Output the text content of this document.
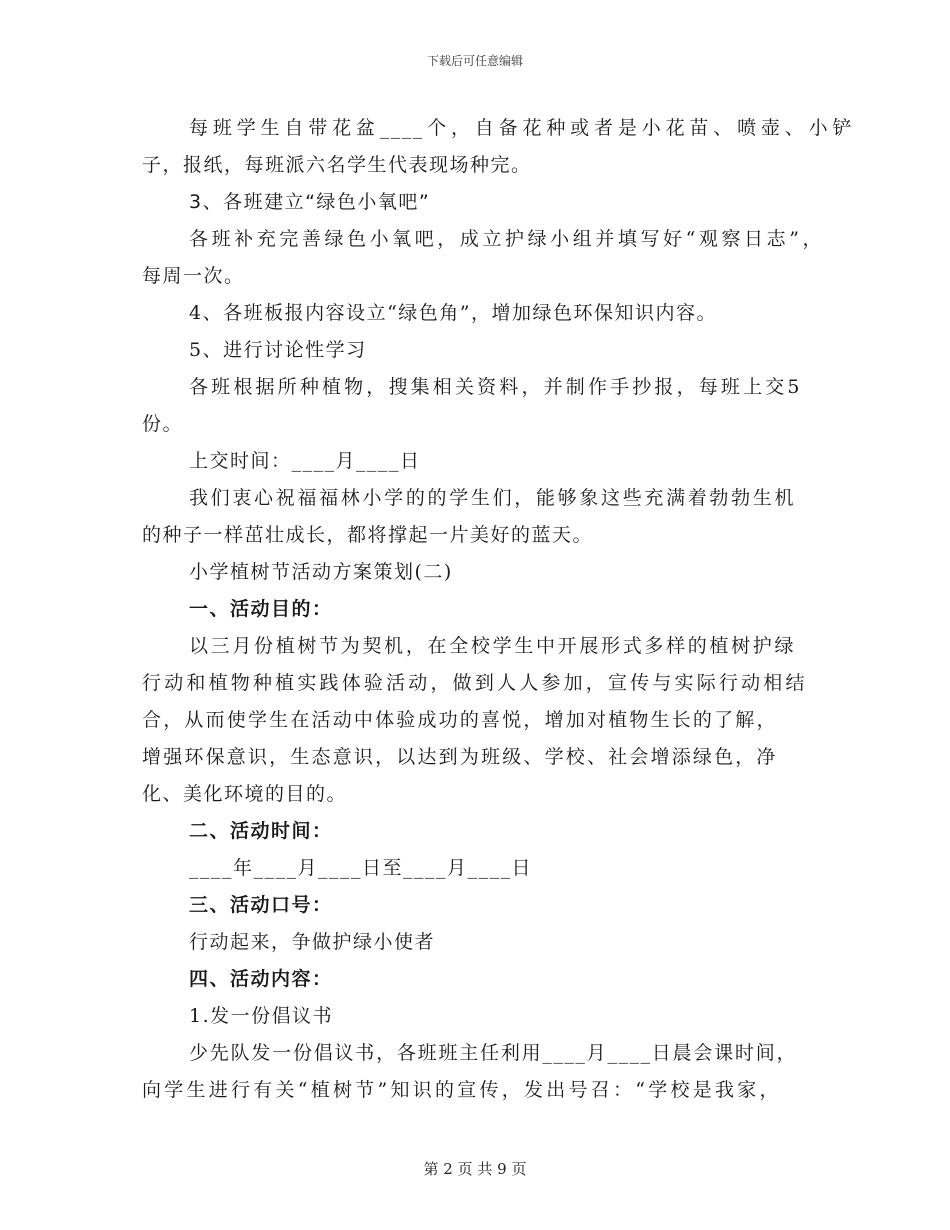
下载后可任意编辑
每班学生自带花盆____个，自备花种或者是小花苗、喷壶、小铲
子，报纸，每班派六名学生代表现场种完。
3、各班建立“绿色小氧吧”
各班补充完善绿色小氧吧，成立护绿小组并填写好“观察日志”，
每周一次。
4、各班板报内容设立“绿色角”，增加绿色环保知识内容。
5、进行讨论性学习
各班根据所种植物，搜集相关资料，并制作手抄报，每班上交5
份。
上交时间：____月____日
我们衷心祝福福林小学的的学生们，能够象这些充满着勃勃生机
的种子一样茁壮成长，都将撑起一片美好的蓝天。
小学植树节活动方案策划(二)
一、活动目的：
以三月份植树节为契机，在全校学生中开展形式多样的植树护绿
行动和植物种植实践体验活动，做到人人参加，宣传与实际行动相结
合，从而使学生在活动中体验成功的喜悦，增加对植物生长的了解，
增强环保意识，生态意识，以达到为班级、学校、社会增添绿色，净
化、美化环境的目的。
二、活动时间：
____年____月____日至____月____日
三、活动口号：
行动起来，争做护绿小使者
四、活动内容：
1.发一份倡议书
少先队发一份倡议书，各班班主任利用____月____日晨会课时间，
向学生进行有关“植树节”知识的宣传，发出号召：“学校是我家，
第 2 页 共 9 页
